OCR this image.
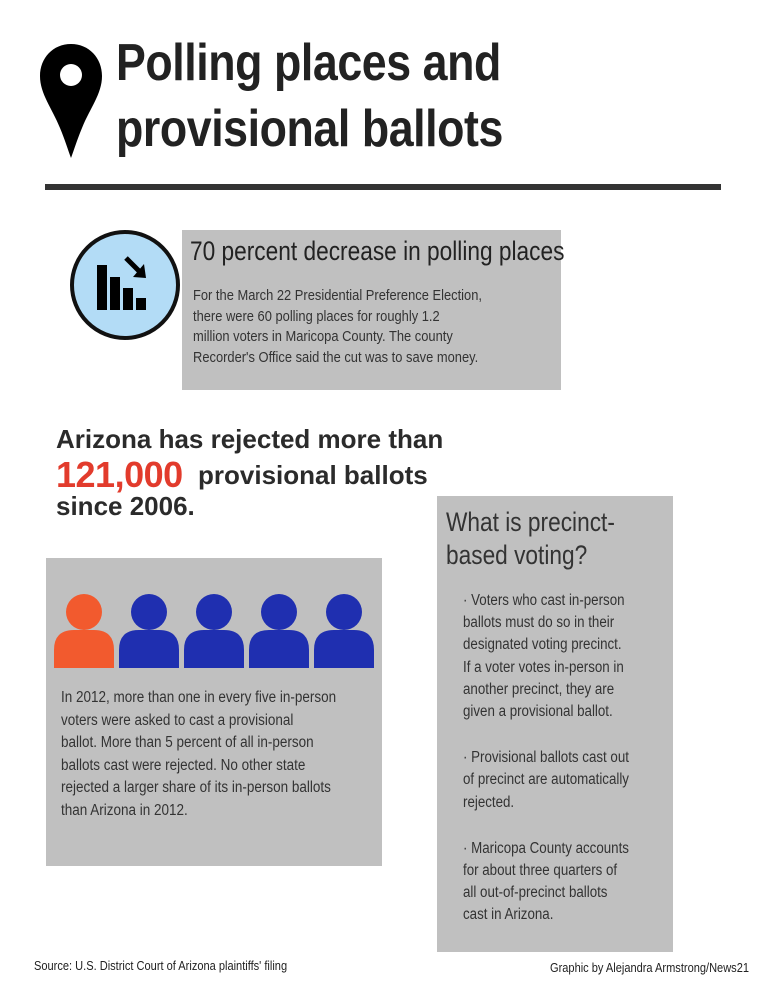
Polling places and
provisional ballots
70 percent decrease in polling places
For the March 22 Presidential Preference Election,
there were 60 polling places for roughly 1.2
million voters in Maricopa County. The county
Recorder's Office said the cut was to save money.
Arizona has rejected more than
121,000 provisional ballots
since 2006.
In 2012, more than one in every five in-person
voters were asked to cast a provisional
ballot. More than 5 percent of all in-person
ballots cast were rejected. No other state
rejected a larger share of its in-person ballots
than Arizona in 2012.
What is precinct-
based voting?

· Voters who cast in-person
ballots must do so in their
designated voting precinct.
If a voter votes in-person in
another precinct, they are
given a provisional ballot.

· Provisional ballots cast out
of precinct are automatically
rejected.

· Maricopa County accounts
for about three quarters of
all out-of-precinct ballots
cast in Arizona.

Source: U.S. District Court of Arizona plaintiffs' filing	Graphic by Alejandra Armstrong/News21
